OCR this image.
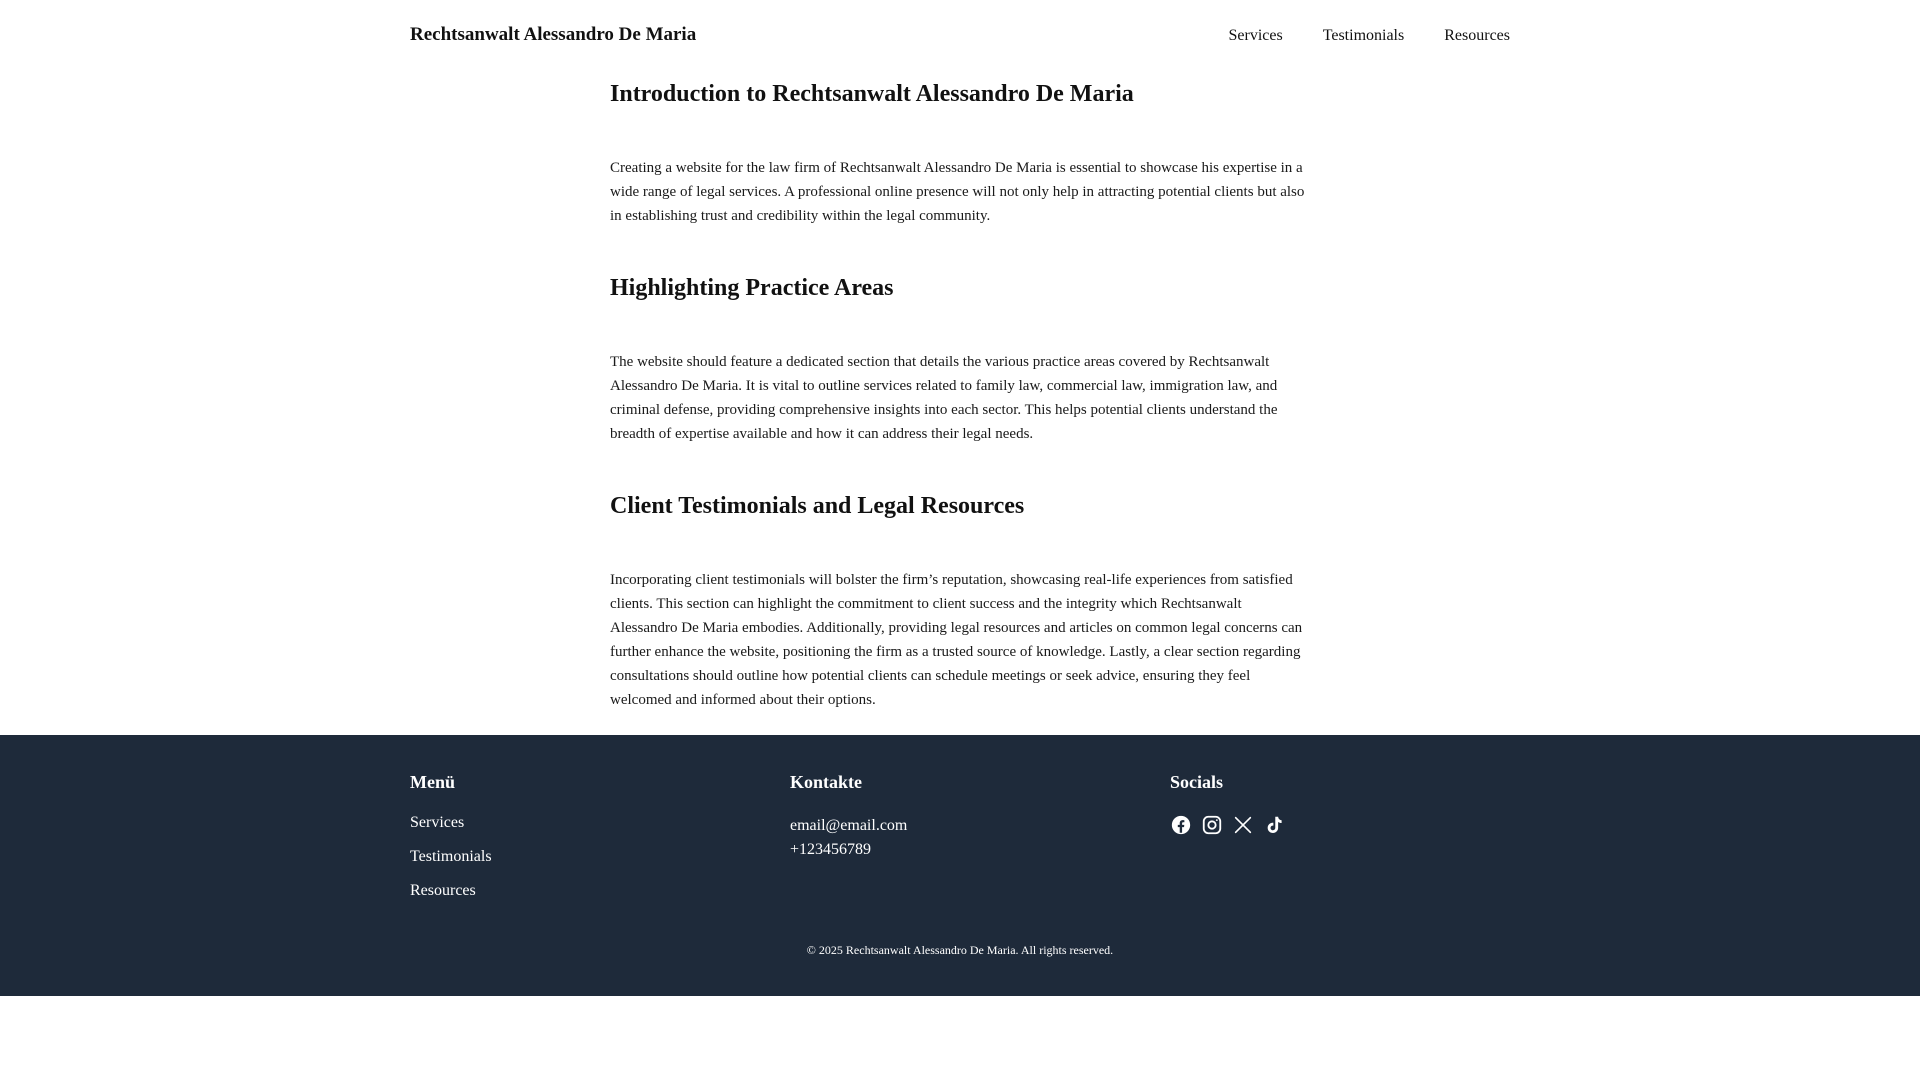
Rechtsanwalt Alessandro De Maria	Services	Testimonials	Resources
Introduction to Rechtsanwalt Alessandro De Maria

Creating a website for the law firm of Rechtsanwalt Alessandro De Maria is essential to showcase his expertise in a wide range of legal services. A professional online presence will not only help in attracting potential clients but also in establishing trust and credibility within the legal community.

Highlighting Practice Areas

The website should feature a dedicated section that details the various practice areas covered by Rechtsanwalt Alessandro De Maria. It is vital to outline services related to family law, commercial law, immigration law, and criminal defense, providing comprehensive insights into each sector. This helps potential clients understand the breadth of expertise available and how it can address their legal needs.

Client Testimonials and Legal Resources

Incorporating client testimonials will bolster the firm’s reputation, showcasing real-life experiences from satisfied clients. This section can highlight the commitment to client success and the integrity which Rechtsanwalt Alessandro De Maria embodies. Additionally, providing legal resources and articles on common legal concerns can further enhance the website, positioning the firm as a trusted source of knowledge. Lastly, a clear section regarding consultations should outline how potential clients can schedule meetings or seek advice, ensuring they feel welcomed and informed about their options.

Menü
Services
Testimonials
Resources
Kontakte
email@email.com
+123456789
Socials
© 2025 Rechtsanwalt Alessandro De Maria. All rights reserved.
